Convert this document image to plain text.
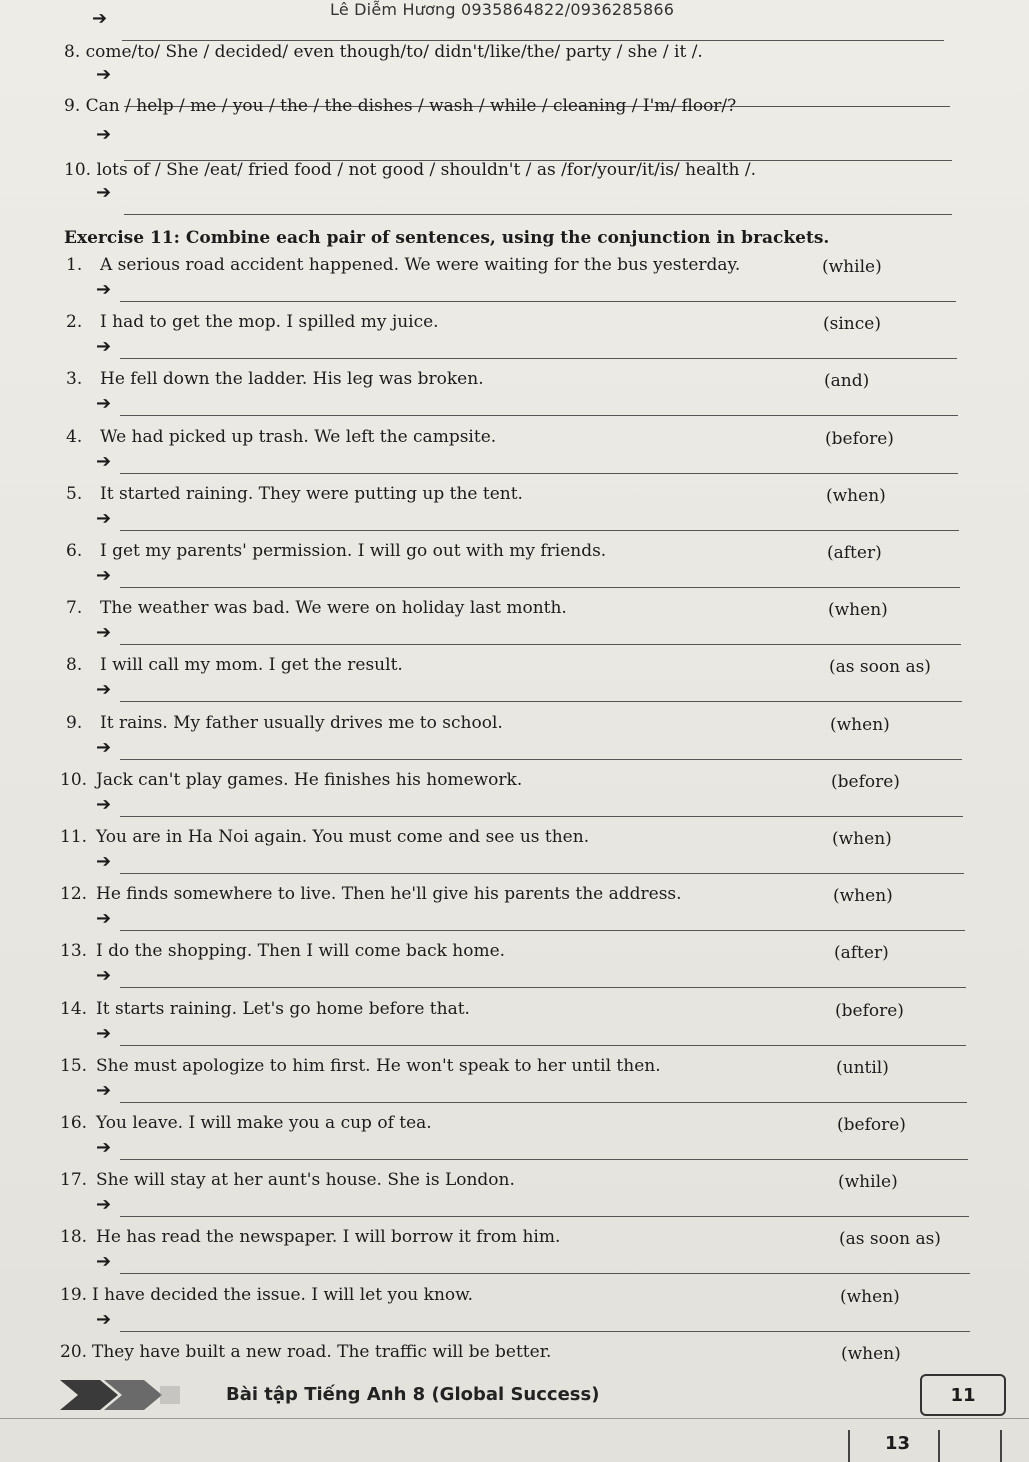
Lê Diễm Hương 0935864822/0936285866
➔
8. come/to/ She / decided/ even though/to/ didn't/like/the/ party / she / it /.
➔
9. Can / help / me / you / the / the dishes / wash / while / cleaning / I'm/ floor/?
➔
10. lots of / She /eat/ fried food / not good / shouldn't / as /for/your/it/is/ health /.
➔
Exercise 11: Combine each pair of sentences, using the conjunction in brackets.
1. A serious road accident happened. We were waiting for the bus yesterday.	(while)
➔
2. I had to get the mop. I spilled my juice.	(since)
➔
3. He fell down the ladder. His leg was broken.	(and)
➔
4. We had picked up trash. We left the campsite.	(before)
➔
5. It started raining. They were putting up the tent.	(when)
➔
6. I get my parents' permission. I will go out with my friends.	(after)
➔
7. The weather was bad. We were on holiday last month.	(when)
➔
8. I will call my mom. I get the result.	(as soon as)
➔
9. It rains. My father usually drives me to school.	(when)
➔
10. Jack can't play games. He finishes his homework.	(before)
➔
11. You are in Ha Noi again. You must come and see us then.	(when)
➔
12. He finds somewhere to live. Then he'll give his parents the address.	(when)
➔
13. I do the shopping. Then I will come back home.	(after)
➔
14. It starts raining. Let's go home before that.	(before)
➔
15. She must apologize to him first. He won't speak to her until then.	(until)
➔
16. You leave. I will make you a cup of tea.	(before)
➔
17. She will stay at her aunt's house. She is London.	(while)
➔
18. He has read the newspaper. I will borrow it from him.	(as soon as)
➔
19. I have decided the issue. I will let you know.	(when)
➔
20. They have built a new road. The traffic will be better.	(when)
Bài tập Tiếng Anh 8 (Global Success)	11
13
